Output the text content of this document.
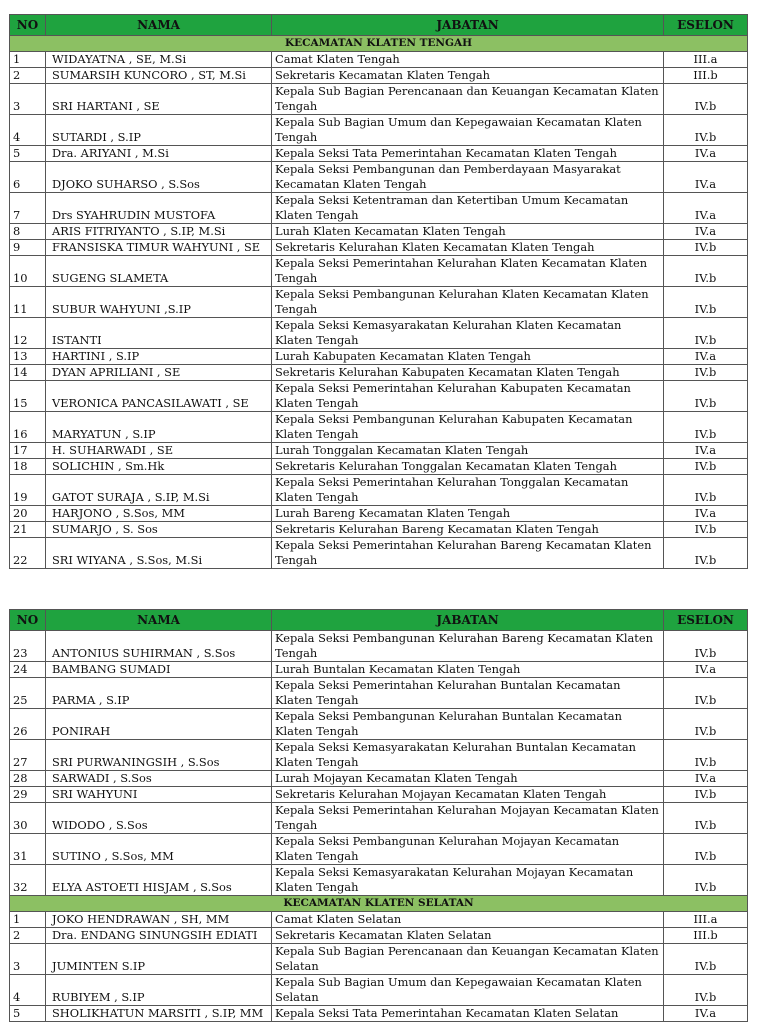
NO	NAMA	JABATAN	ESELON
KECAMATAN KLATEN TENGAH			
1	WIDAYATNA , SE, M.Si	Camat Klaten Tengah	III.a
2	SUMARSIH KUNCORO , ST, M.Si	Sekretaris Kecamatan Klaten Tengah	III.b
3	SRI HARTANI , SE	Kepala Sub Bagian Perencanaan dan Keuangan Kecamatan Klaten Tengah	IV.b
4	SUTARDI , S.IP	Kepala Sub Bagian Umum dan Kepegawaian Kecamatan Klaten Tengah	IV.b
5	Dra. ARIYANI , M.Si	Kepala Seksi Tata Pemerintahan Kecamatan Klaten Tengah	IV.a
6	DJOKO SUHARSO , S.Sos	Kepala Seksi Pembangunan dan Pemberdayaan Masyarakat Kecamatan Klaten Tengah	IV.a
7	Drs SYAHRUDIN MUSTOFA	Kepala Seksi Ketentraman dan Ketertiban Umum Kecamatan Klaten Tengah	IV.a
8	ARIS FITRIYANTO , S.IP, M.Si	Lurah Klaten Kecamatan Klaten Tengah	IV.a
9	FRANSISKA TIMUR WAHYUNI , SE	Sekretaris Kelurahan Klaten Kecamatan Klaten Tengah	IV.b
10	SUGENG SLAMETA	Kepala Seksi Pemerintahan Kelurahan Klaten Kecamatan Klaten Tengah	IV.b
11	SUBUR WAHYUNI ,S.IP	Kepala Seksi Pembangunan Kelurahan Klaten Kecamatan Klaten Tengah	IV.b
12	ISTANTI	Kepala Seksi Kemasyarakatan Kelurahan Klaten Kecamatan Klaten Tengah	IV.b
13	HARTINI , S.IP	Lurah Kabupaten Kecamatan Klaten Tengah	IV.a
14	DYAN APRILIANI , SE	Sekretaris Kelurahan Kabupaten Kecamatan Klaten Tengah	IV.b
15	VERONICA PANCASILAWATI , SE	Kepala Seksi Pemerintahan Kelurahan Kabupaten Kecamatan Klaten Tengah	IV.b
16	MARYATUN , S.IP	Kepala Seksi Pembangunan Kelurahan Kabupaten Kecamatan Klaten Tengah	IV.b
17	H. SUHARWADI , SE	Lurah Tonggalan Kecamatan Klaten Tengah	IV.a
18	SOLICHIN , Sm.Hk	Sekretaris Kelurahan Tonggalan Kecamatan Klaten Tengah	IV.b
19	GATOT SURAJA , S.IP, M.Si	Kepala Seksi Pemerintahan Kelurahan Tonggalan Kecamatan Klaten Tengah	IV.b
20	HARJONO , S.Sos, MM	Lurah Bareng Kecamatan Klaten Tengah	IV.a
21	SUMARJO , S. Sos	Sekretaris Kelurahan Bareng Kecamatan Klaten Tengah	IV.b
22	SRI WIYANA , S.Sos, M.Si	Kepala Seksi Pemerintahan Kelurahan Bareng Kecamatan Klaten Tengah	IV.b
NO	NAMA	JABATAN	ESELON
23	ANTONIUS SUHIRMAN , S.Sos	Kepala Seksi Pembangunan Kelurahan Bareng Kecamatan Klaten Tengah	IV.b
24	BAMBANG SUMADI	Lurah Buntalan Kecamatan Klaten Tengah	IV.a
25	PARMA , S.IP	Kepala Seksi Pemerintahan Kelurahan Buntalan Kecamatan Klaten Tengah	IV.b
26	PONIRAH	Kepala Seksi Pembangunan Kelurahan Buntalan Kecamatan Klaten Tengah	IV.b
27	SRI PURWANINGSIH , S.Sos	Kepala Seksi Kemasyarakatan Kelurahan Buntalan Kecamatan Klaten Tengah	IV.b
28	SARWADI , S.Sos	Lurah Mojayan Kecamatan Klaten Tengah	IV.a
29	SRI WAHYUNI	Sekretaris Kelurahan Mojayan Kecamatan Klaten Tengah	IV.b
30	WIDODO , S.Sos	Kepala Seksi Pemerintahan Kelurahan Mojayan Kecamatan Klaten Tengah	IV.b
31	SUTINO , S.Sos, MM	Kepala Seksi Pembangunan Kelurahan Mojayan Kecamatan Klaten Tengah	IV.b
32	ELYA ASTOETI HISJAM , S.Sos	Kepala Seksi Kemasyarakatan Kelurahan Mojayan Kecamatan Klaten Tengah	IV.b
KECAMATAN KLATEN SELATAN			
1	JOKO HENDRAWAN , SH, MM	Camat Klaten Selatan	III.a
2	Dra. ENDANG SINUNGSIH EDIATI	Sekretaris Kecamatan Klaten Selatan	III.b
3	JUMINTEN S.IP	Kepala Sub Bagian Perencanaan dan Keuangan Kecamatan Klaten Selatan	IV.b
4	RUBIYEM , S.IP	Kepala Sub Bagian Umum dan Kepegawaian Kecamatan Klaten Selatan	IV.b
5	SHOLIKHATUN MARSITI , S.IP, MM	Kepala Seksi Tata Pemerintahan Kecamatan Klaten Selatan	IV.a
